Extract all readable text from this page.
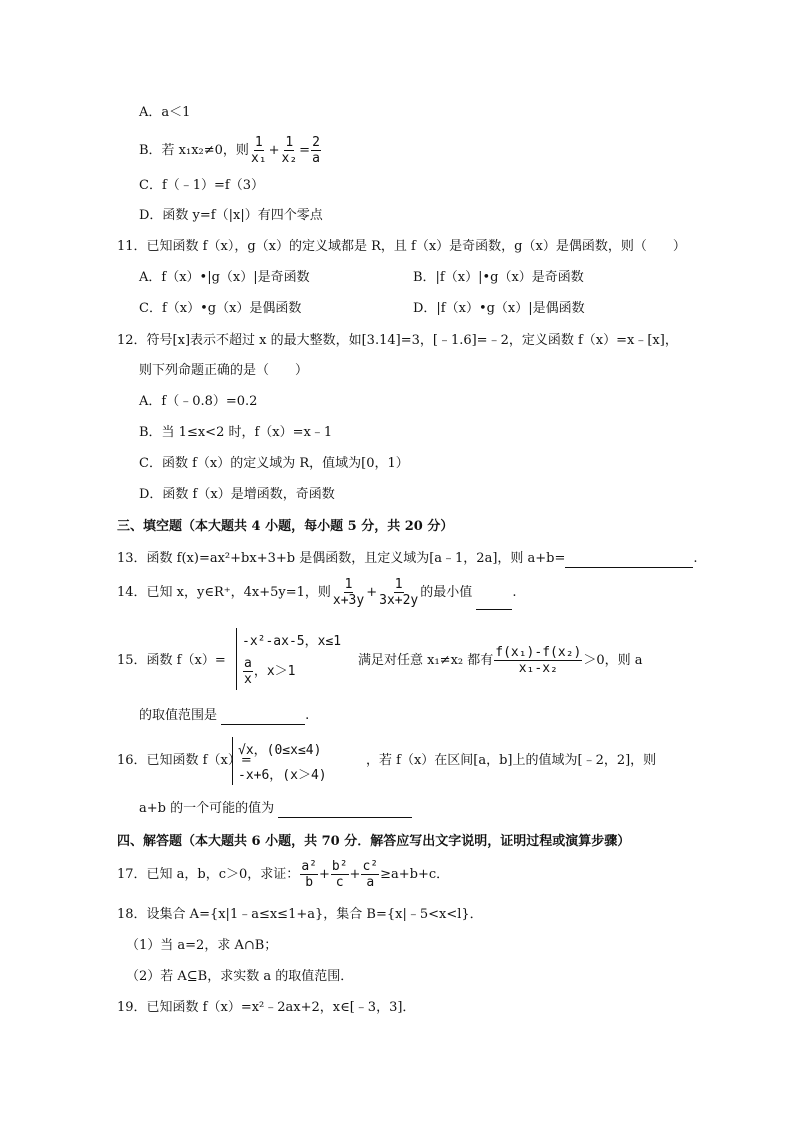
A．a＜1
B．若 x₁x₂≠0，则 $\frac{1}{\text{x₁}} + \frac{1}{\text{x₂}} = \frac{2}{a}$
C．f（﹣1）=f（3）
D．函数 y=f（|x|）有四个零点
11．已知函数 f（x），g（x）的定义域都是 R，且 f（x）是奇函数，g（x）是偶函数，则（　　）
A．f（x）•|g（x）|是奇函数	B．|f（x）|•g（x）是奇函数
C．f（x）•g（x）是偶函数	D．|f（x）•g（x）|是偶函数
12．符号[x]表示不超过 x 的最大整数，如[3.14]=3，[﹣1.6]=﹣2，定义函数 f（x）=x﹣[x]，
则下列命题正确的是（　　）
A．f（﹣0.8）=0.2
B．当 1≤x<2 时，f（x）=x﹣1
C．函数 f（x）的定义域为 R，值域为[0，1）
D．函数 f（x）是增函数，奇函数
三、填空题（本大题共 4 小题，每小题 5 分，共 20 分）
13．函数 f(x)=ax²+bx+3+b 是偶函数，且定义域为[a﹣1，2a]，则 a+b=	.
14．已知 x，y∈R⁺，4x+5y=1，则 $\frac{1}{x+3y} + \frac{1}{3x+2y}$ 的最小值	.
15．函数 f（x）=
-x²-ax-5，x≤1
$\frac{a}{x}$ ，x＞1
满足对任意 x₁≠x₂ 都有 $\frac{\text{f(x₁)-f(x₂)}}{\text{x₁-x₂}} >0$，则 a
的取值范围是	.
16．已知函数 f（x）=
√x，(0≤x≤4)
-x+6，(x＞4)
，若 f（x）在区间[a，b]上的值域为[﹣2，2]，则
a+b 的一个可能的值为
四、解答题（本大题共 6 小题，共 70 分．解答应写出文字说明，证明过程或演算步骤）
17．已知 a，b，c＞0，求证： $\frac{\text{a²}}{b} + \frac{\text{b²}}{c} + \frac{\text{c²}}{a} \ge a+b+c$．
18．设集合 A={x|1﹣a≤x≤1+a}，集合 B={x|﹣5<x<l}．
（1）当 a=2，求 A∩B；
（2）若 A⊆B，求实数 a 的取值范围．
19．已知函数 f（x）=x²﹣2ax+2，x∈[﹣3，3]．
